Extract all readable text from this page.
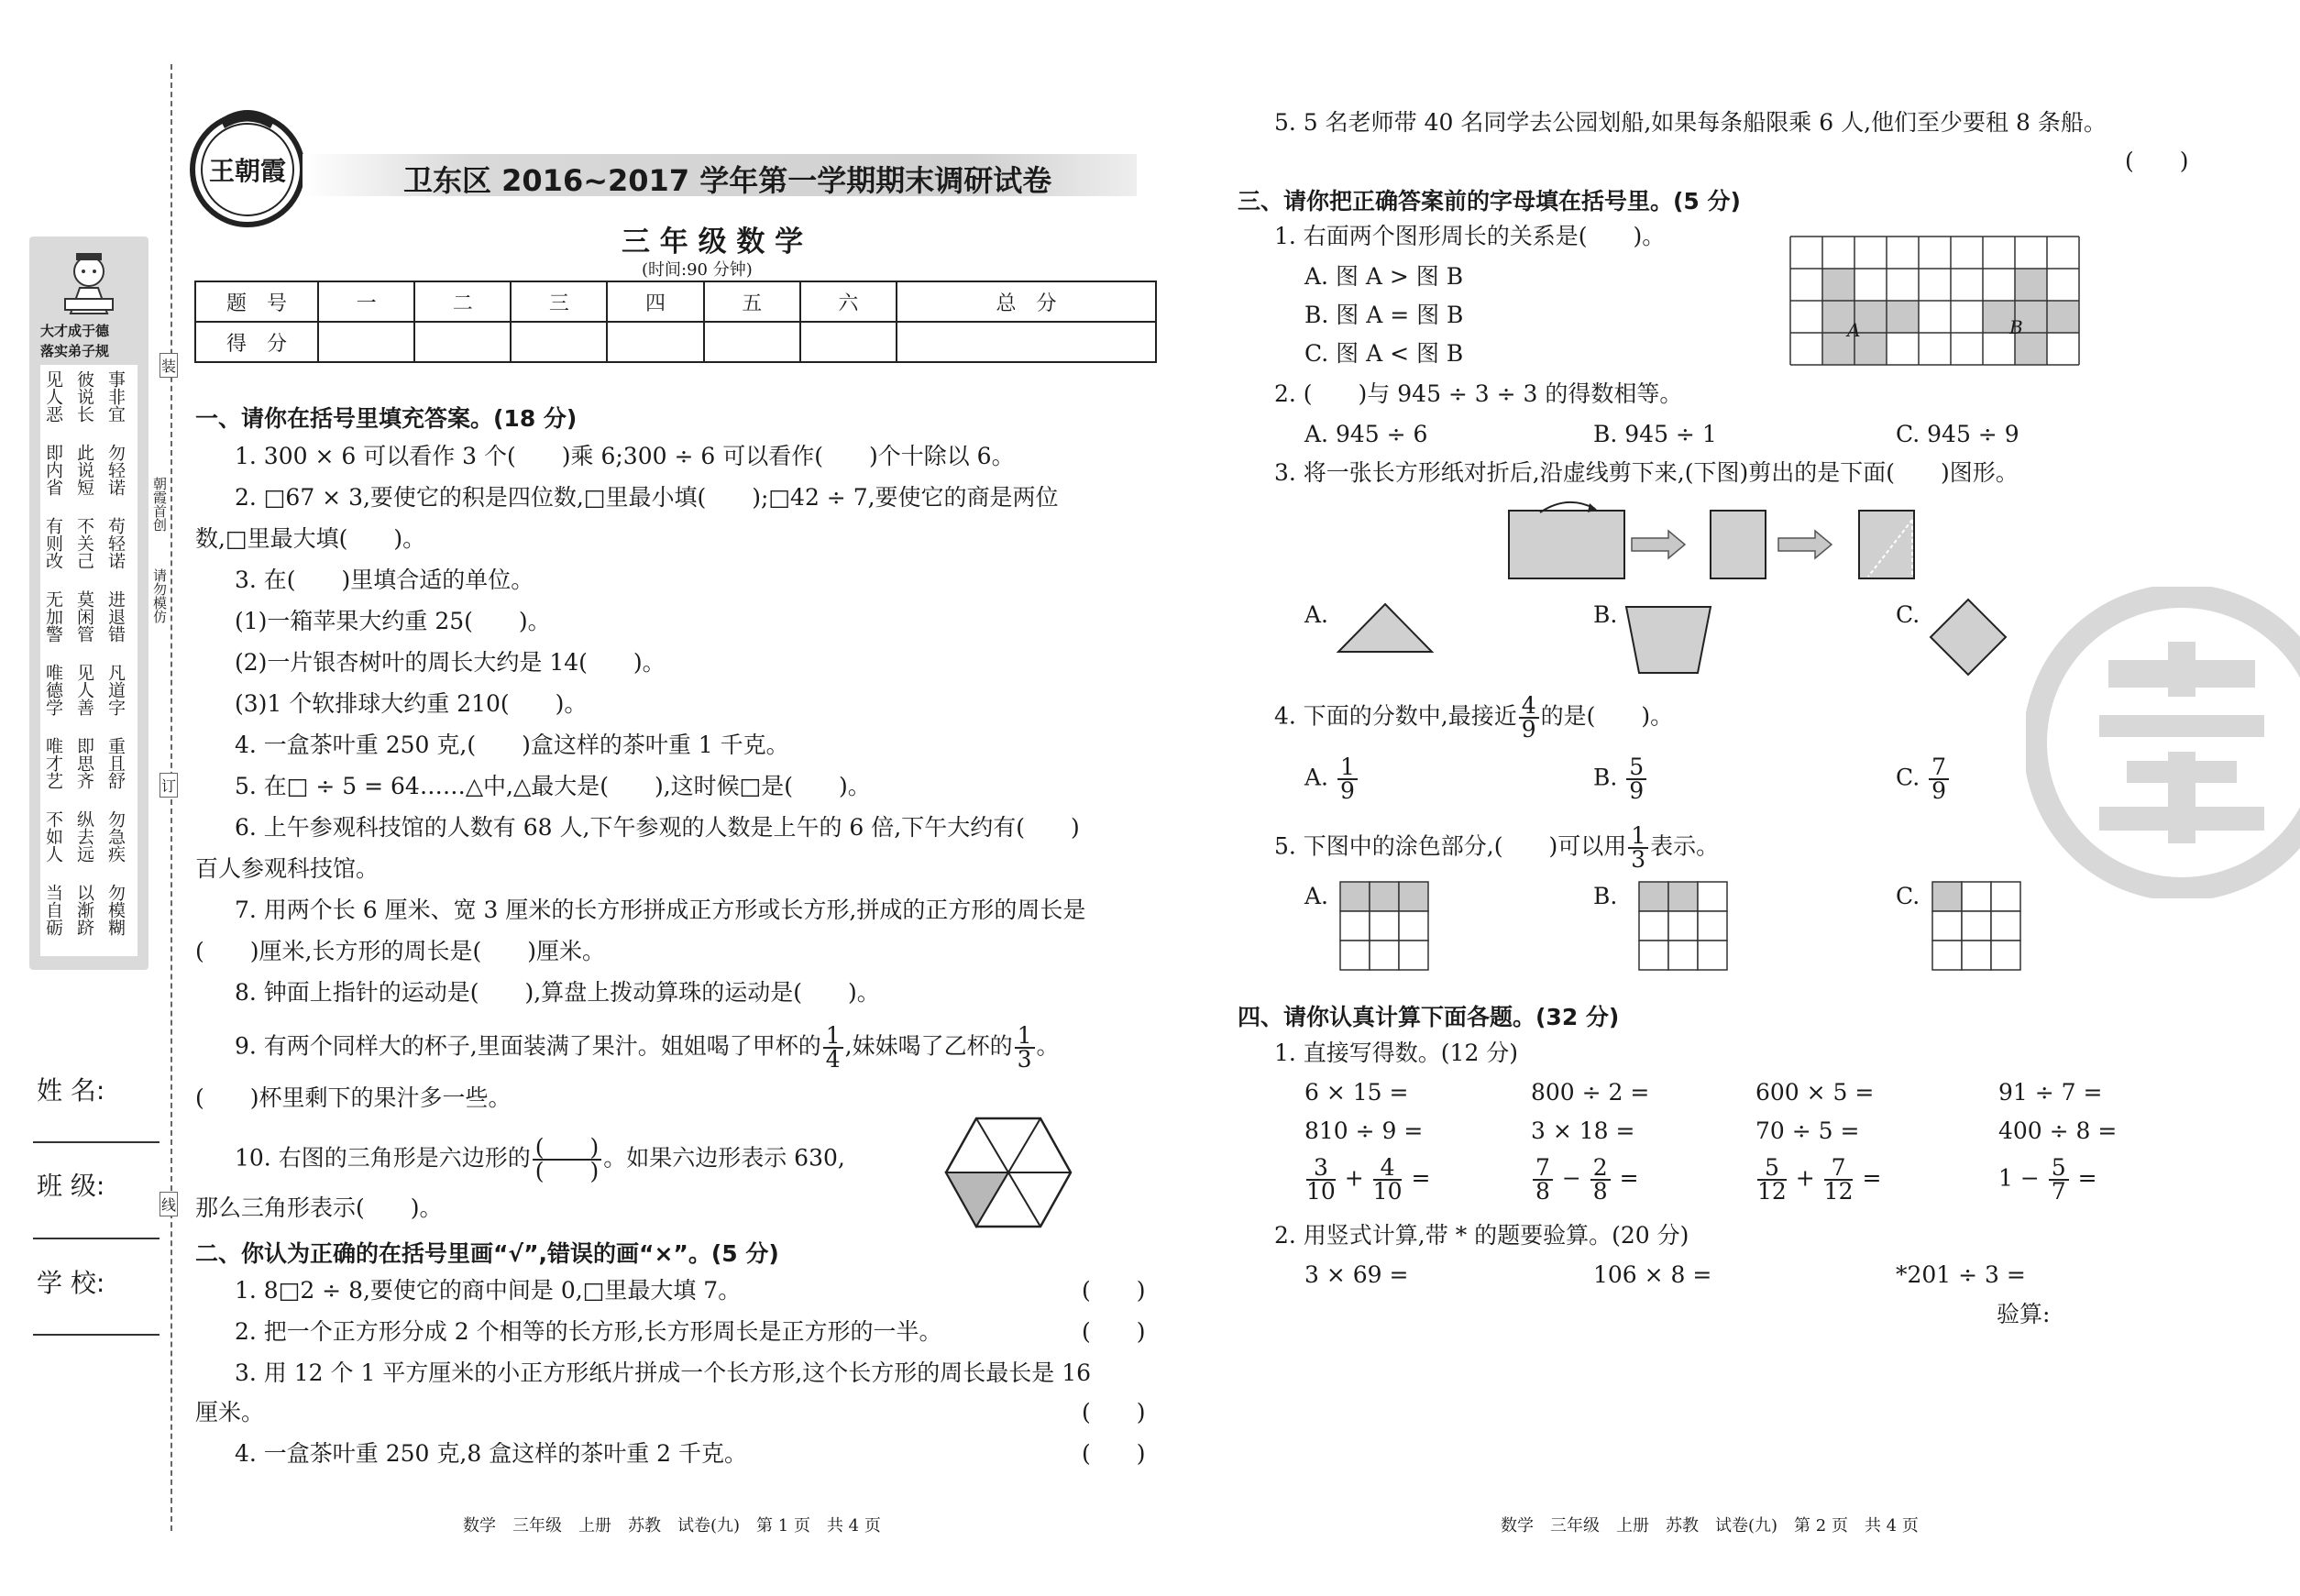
大才成于德
落实弟子规
见人恶 彼说长 事非宜
即内省 此说短 勿轻诺
有则改 不关己 苟轻诺
无加警 莫闲管 进退错
唯德学 见人善 凡道字
唯才艺 即思齐 重且舒
不如人 纵去远 勿急疾
当自砺 以渐跻 勿模糊
姓 名:
班 级:
学 校:
装
朝霞首创
请勿模仿
订
线
王朝霞	卫东区 2016~2017 学年第一学期期末调研试卷
三 年 级 数 学
(时间:90 分钟)
题　号	一	二	三	四	五	六	总　分
得　分							
一、请你在括号里填充答案。(18 分)
1. 300 × 6 可以看作 3 个(　　)乘 6;300 ÷ 6 可以看作(　　)个十除以 6。
2. □67 × 3,要使它的积是四位数,□里最小填(　　);□42 ÷ 7,要使它的商是两位
数,□里最大填(　　)。
3. 在(　　)里填合适的单位。
(1)一箱苹果大约重 25(　　)。
(2)一片银杏树叶的周长大约是 14(　　)。
(3)1 个软排球大约重 210(　　)。
4. 一盒茶叶重 250 克,(　　)盒这样的茶叶重 1 千克。
5. 在□ ÷ 5 = 64……△中,△最大是(　　),这时候□是(　　)。
6. 上午参观科技馆的人数有 68 人,下午参观的人数是上午的 6 倍,下午大约有(　　)
百人参观科技馆。
7. 用两个长 6 厘米、宽 3 厘米的长方形拼成正方形或长方形,拼成的正方形的周长是
(　　)厘米,长方形的周长是(　　)厘米。
8. 钟面上指针的运动是(　　),算盘上拨动算珠的运动是(　　)。
9. 有两个同样大的杯子,里面装满了果汁。姐姐喝了甲杯的 $\frac{1}{4}$ ,妹妹喝了乙杯的 $\frac{1}{3}$ 。
(　　)杯里剩下的果汁多一些。
10. 右图的三角形是六边形的 $\frac{( )}{( )}$ 。如果六边形表示 630,
那么三角形表示(　　)。
二、你认为正确的在括号里画“√”,错误的画“×”。(5 分)
1. 8□2 ÷ 8,要使它的商中间是 0,□里最大填 7。	(　　)
2. 把一个正方形分成 2 个相等的长方形,长方形周长是正方形的一半。	(　　)
3. 用 12 个 1 平方厘米的小正方形纸片拼成一个长方形,这个长方形的周长最长是 16
厘米。	(　　)
4. 一盒茶叶重 250 克,8 盒这样的茶叶重 2 千克。	(　　)
数学　三年级　上册　苏教　试卷(九)　第 1 页　共 4 页
5. 5 名老师带 40 名同学去公园划船,如果每条船限乘 6 人,他们至少要租 8 条船。
(　　)
三、请你把正确答案前的字母填在括号里。(5 分)
1. 右面两个图形周长的关系是(　　)。
A. 图 A > 图 B
B. 图 A = 图 B
C. 图 A < 图 B
A	B
2. (　　)与 945 ÷ 3 ÷ 3 的得数相等。
A. 945 ÷ 6	B. 945 ÷ 1	C. 945 ÷ 9
3. 将一张长方形纸对折后,沿虚线剪下来,(下图)剪出的是下面(　　)图形。
A.	B.	C.
4. 下面的分数中,最接近 $\frac{4}{9}$ 的是(　　)。
A. $\frac{1}{9}$	B. $\frac{5}{9}$	C. $\frac{7}{9}$
5. 下图中的涂色部分,(　　)可以用 $\frac{1}{3}$ 表示。
A.	B.	C.
四、请你认真计算下面各题。(32 分)
1. 直接写得数。(12 分)
6 × 15 =	800 ÷ 2 =	600 × 5 =	91 ÷ 7 =
810 ÷ 9 =	3 × 18 =	70 ÷ 5 =	400 ÷ 8 =
$\frac{3}{10} + \frac{4}{10}$ =	$\frac{7}{8} - \frac{2}{8}$ =	$\frac{5}{12} + \frac{7}{12}$ =	$1 - \frac{5}{7}$ =
2. 用竖式计算,带 * 的题要验算。(20 分)
3 × 69 =	106 × 8 =	*201 ÷ 3 =
验算:
数学　三年级　上册　苏教　试卷(九)　第 2 页　共 4 页
